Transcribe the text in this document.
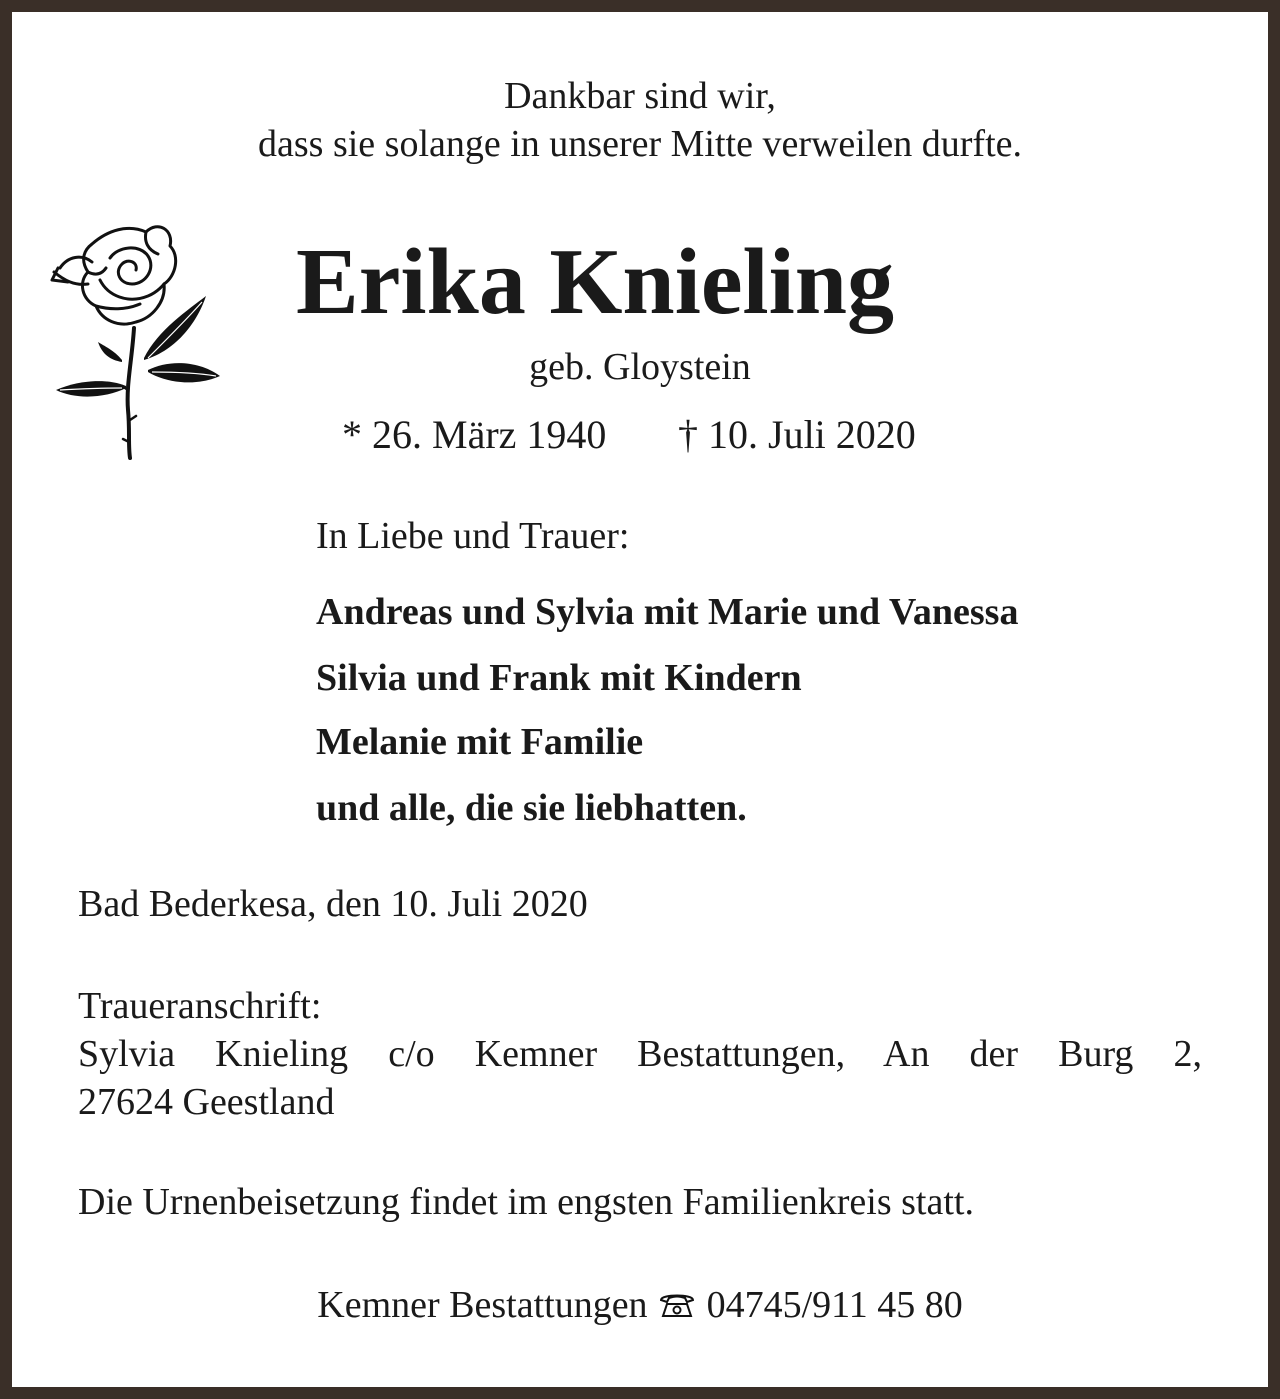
Dankbar sind wir,
dass sie solange in unserer Mitte verweilen durfte.
Erika Knieling
geb. Gloystein
* 26. März 1940 † 10. Juli 2020
In Liebe und Trauer:
Andreas und Sylvia mit Marie und Vanessa
Silvia und Frank mit Kindern
Melanie mit Familie
und alle, die sie liebhatten.
Bad Bederkesa, den 10. Juli 2020
Traueranschrift:
Sylvia Knieling c/o Kemner Bestattungen, An der Burg 2,
27624 Geestland
Die Urnenbeisetzung findet im engsten Familienkreis statt.
Kemner Bestattungen 04745/911 45 80
